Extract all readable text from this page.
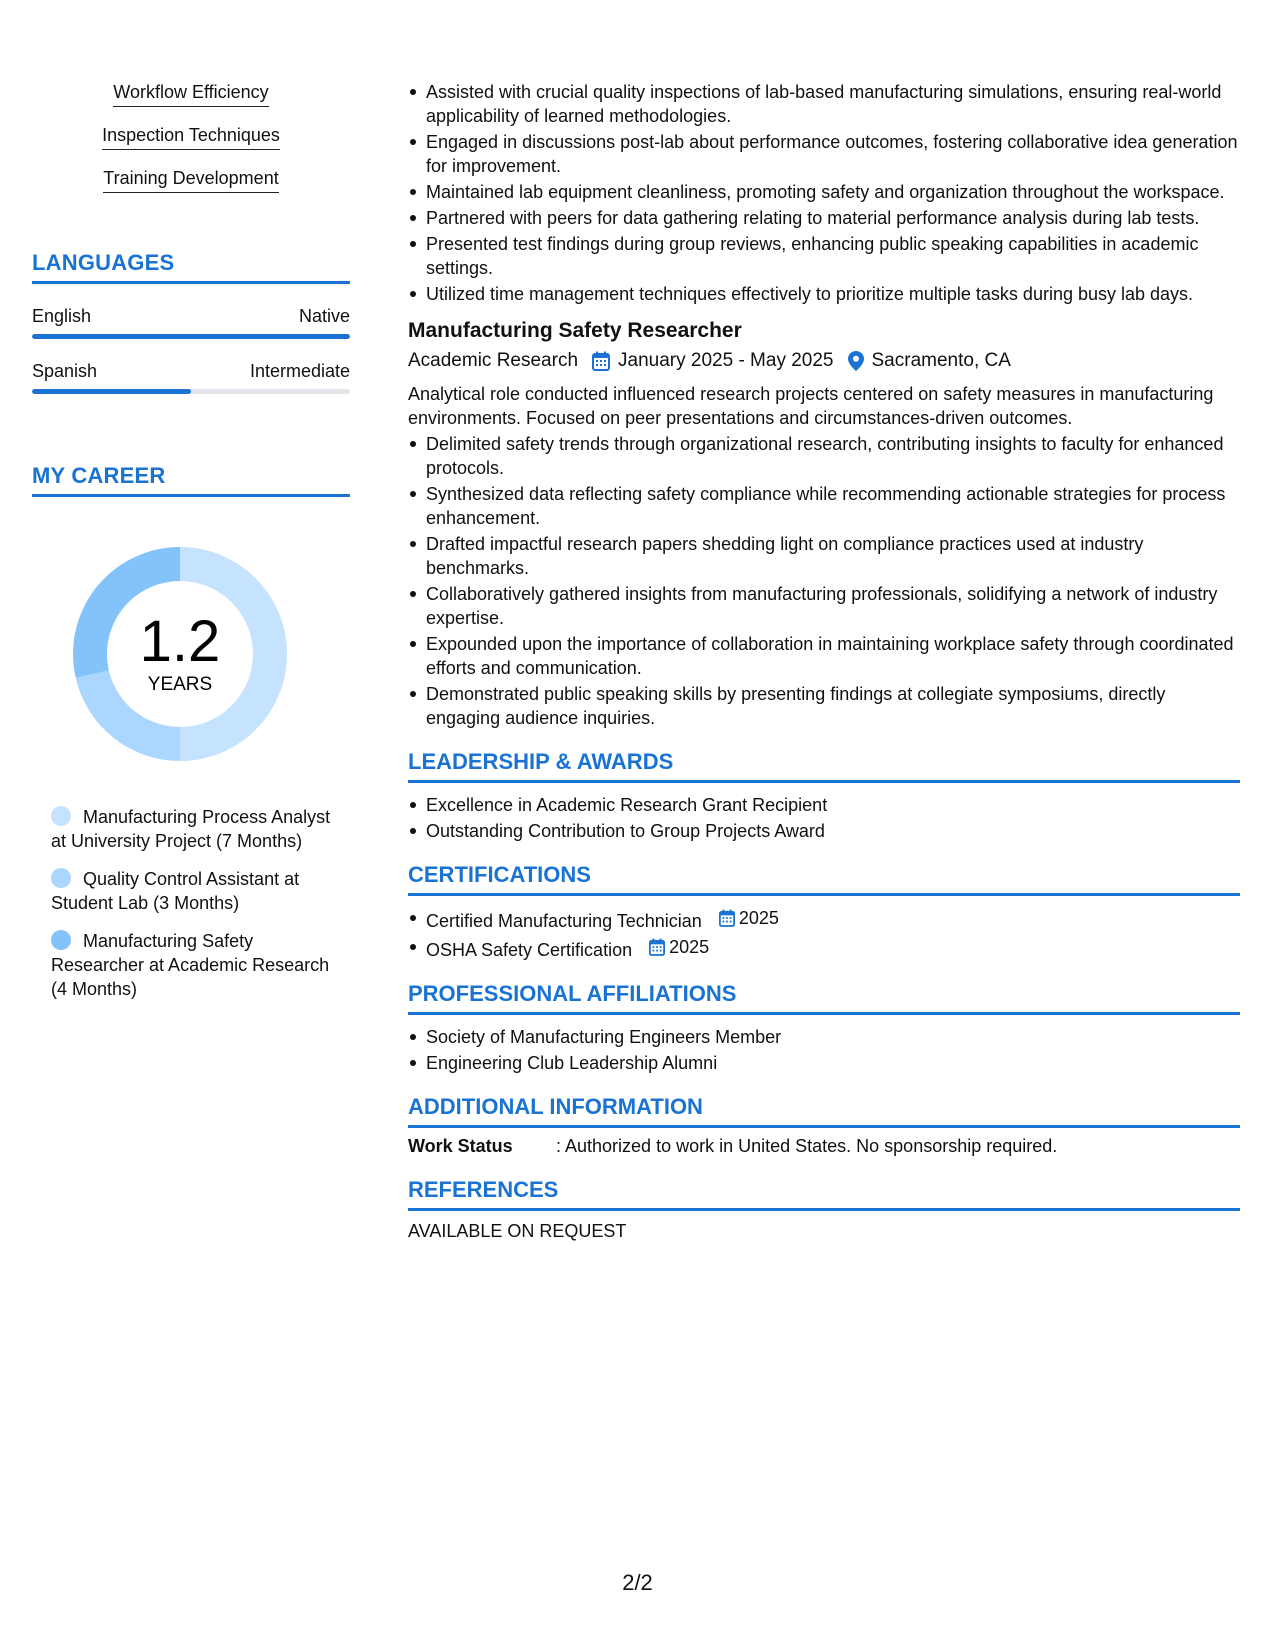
Workflow Efficiency
Inspection Techniques
Training Development
LANGUAGES
English	Native
Spanish	Intermediate
MY CAREER
1.2
YEARS
Manufacturing Process Analyst at University Project (7 Months)
Quality Control Assistant at Student Lab (3 Months)
Manufacturing Safety Researcher at Academic Research (4 Months)
Assisted with crucial quality inspections of lab-based manufacturing simulations, ensuring real-world applicability of learned methodologies.
Engaged in discussions post-lab about performance outcomes, fostering collaborative idea generation for improvement.
Maintained lab equipment cleanliness, promoting safety and organization throughout the workspace.
Partnered with peers for data gathering relating to material performance analysis during lab tests.
Presented test findings during group reviews, enhancing public speaking capabilities in academic settings.
Utilized time management techniques effectively to prioritize multiple tasks during busy lab days.
Manufacturing Safety Researcher
Academic Research January 2025 - May 2025 Sacramento, CA
Analytical role conducted influenced research projects centered on safety measures in manufacturing environments. Focused on peer presentations and circumstances-driven outcomes.
Delimited safety trends through organizational research, contributing insights to faculty for enhanced protocols.
Synthesized data reflecting safety compliance while recommending actionable strategies for process enhancement.
Drafted impactful research papers shedding light on compliance practices used at industry benchmarks.
Collaboratively gathered insights from manufacturing professionals, solidifying a network of industry expertise.
Expounded upon the importance of collaboration in maintaining workplace safety through coordinated efforts and communication.
Demonstrated public speaking skills by presenting findings at collegiate symposiums, directly engaging audience inquiries.
LEADERSHIP & AWARDS
Excellence in Academic Research Grant Recipient
Outstanding Contribution to Group Projects Award
CERTIFICATIONS
Certified Manufacturing Technician 2025
OSHA Safety Certification 2025
PROFESSIONAL AFFILIATIONS
Society of Manufacturing Engineers Member
Engineering Club Leadership Alumni
ADDITIONAL INFORMATION
Work Status	: Authorized to work in United States. No sponsorship required.
REFERENCES
AVAILABLE ON REQUEST
2/2
